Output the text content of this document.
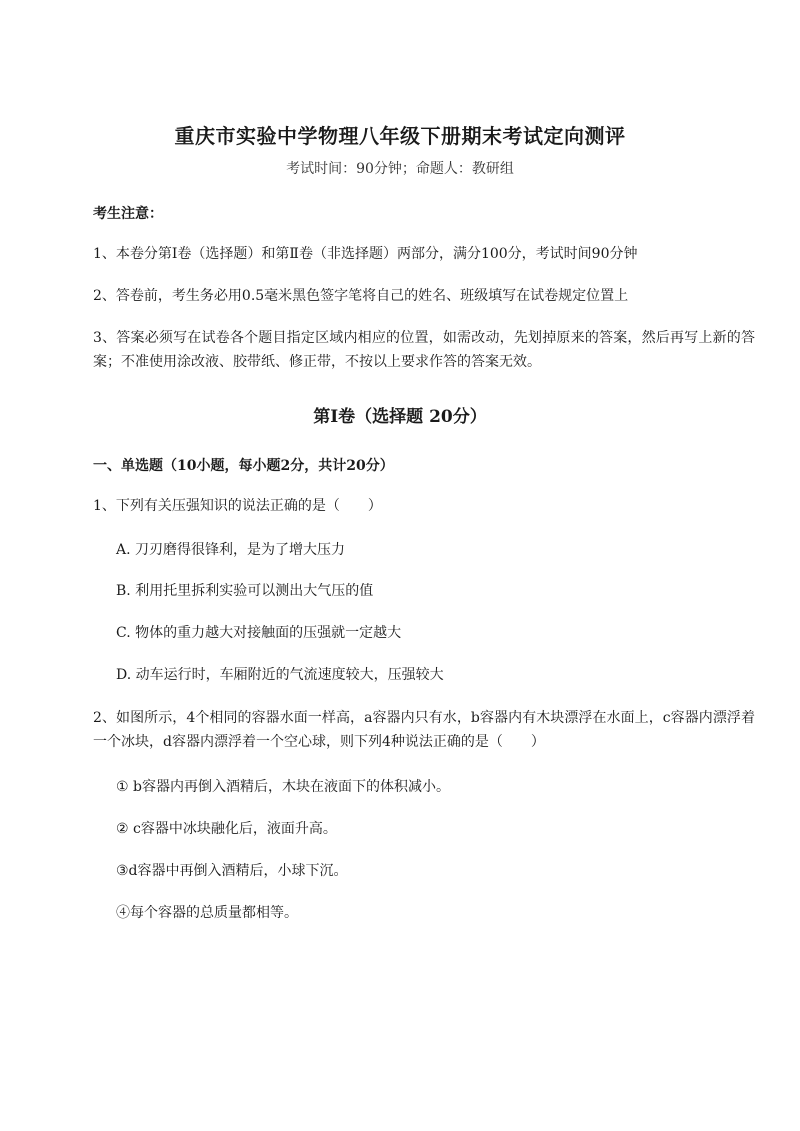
重庆市实验中学物理八年级下册期末考试定向测评
考试时间：90分钟；命题人：教研组
考生注意：
1、本卷分第I卷（选择题）和第Ⅱ卷（非选择题）两部分，满分100分，考试时间90分钟
2、答卷前，考生务必用0.5毫米黑色签字笔将自己的姓名、班级填写在试卷规定位置上
3、答案必须写在试卷各个题目指定区域内相应的位置，如需改动，先划掉原来的答案，然后再写上新的答案；不准使用涂改液、胶带纸、修正带，不按以上要求作答的答案无效。
第I卷（选择题 20分）
一、单选题（10小题，每小题2分，共计20分）
1、下列有关压强知识的说法正确的是（　　）
A. 刀刃磨得很锋利，是为了增大压力
B. 利用托里拆利实验可以测出大气压的值
C. 物体的重力越大对接触面的压强就一定越大
D. 动车运行时，车厢附近的气流速度较大，压强较大
2、如图所示，4个相同的容器水面一样高，a容器内只有水，b容器内有木块漂浮在水面上，c容器内漂浮着一个冰块，d容器内漂浮着一个空心球，则下列4种说法正确的是（　　）
① b容器内再倒入酒精后，木块在液面下的体积减小。
② c容器中冰块融化后，液面升高。
③d容器中再倒入酒精后，小球下沉。
④每个容器的总质量都相等。
